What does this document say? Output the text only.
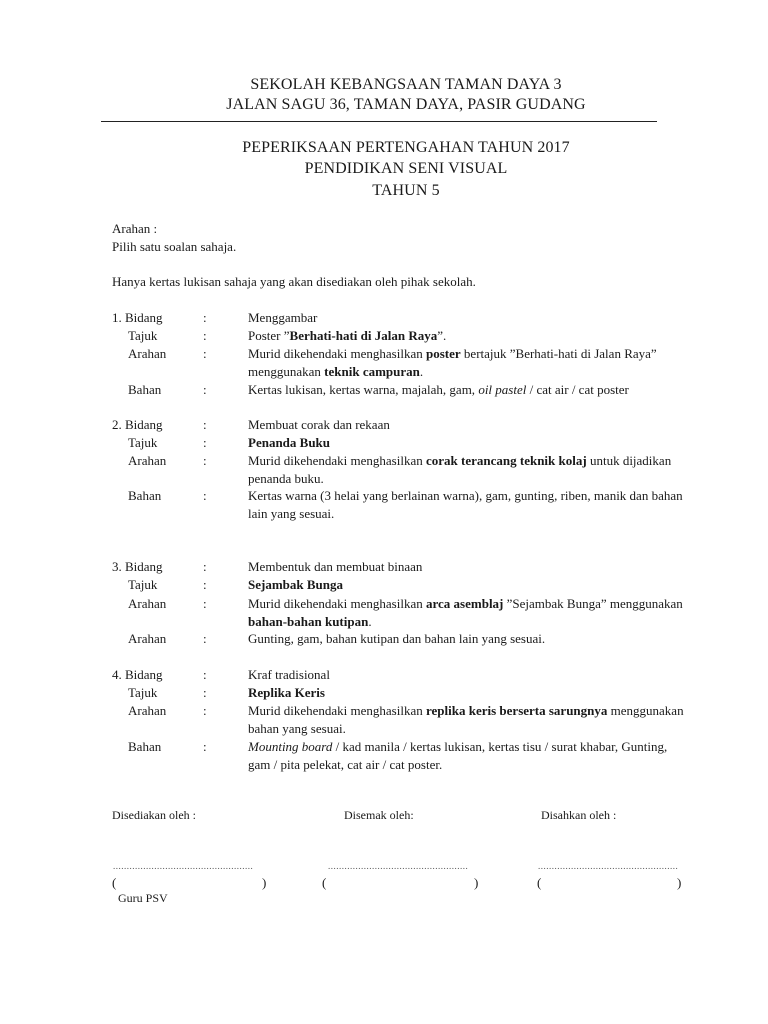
SEKOLAH KEBANGSAAN TAMAN DAYA 3
JALAN SAGU 36, TAMAN DAYA, PASIR GUDANG
PEPERIKSAAN PERTENGAHAN TAHUN 2017
PENDIDIKAN SENI VISUAL
TAHUN 5
Arahan :
Pilih satu soalan sahaja.
Hanya kertas lukisan sahaja yang akan disediakan oleh pihak sekolah.
1. Bidang	:	Menggambar
Tajuk	:	Poster ”Berhati-hati di Jalan Raya”.
Arahan	:	Murid dikehendaki menghasilkan poster bertajuk ”Berhati-hati di Jalan Raya” menggunakan teknik campuran.
Bahan	:	Kertas lukisan, kertas warna, majalah, gam, oil pastel / cat air / cat poster
2. Bidang	:	Membuat corak dan rekaan
Tajuk	:	Penanda Buku
Arahan	:	Murid dikehendaki menghasilkan corak terancang teknik kolaj untuk dijadikan penanda buku.
Bahan	:	Kertas warna (3 helai yang berlainan warna), gam, gunting, riben, manik dan bahan lain yang sesuai.
3. Bidang	:	Membentuk dan membuat binaan
Tajuk	:	Sejambak Bunga
Arahan	:	Murid dikehendaki menghasilkan arca asemblaj ”Sejambak Bunga” menggunakan bahan-bahan kutipan.
Arahan	:	Gunting, gam, bahan kutipan dan bahan lain yang sesuai.
4. Bidang	:	Kraf tradisional
Tajuk	:	Replika Keris
Arahan	:	Murid dikehendaki menghasilkan replika keris berserta sarungnya menggunakan bahan yang sesuai.
Bahan	:	Mounting board / kad manila / kertas lukisan, kertas tisu / surat khabar, Gunting, gam / pita pelekat, cat air / cat poster.
Disediakan oleh :	Disemak oleh:	Disahkan oleh :
...................................................	...................................................	...................................................
(	)	(	)	(	)
Guru PSV
